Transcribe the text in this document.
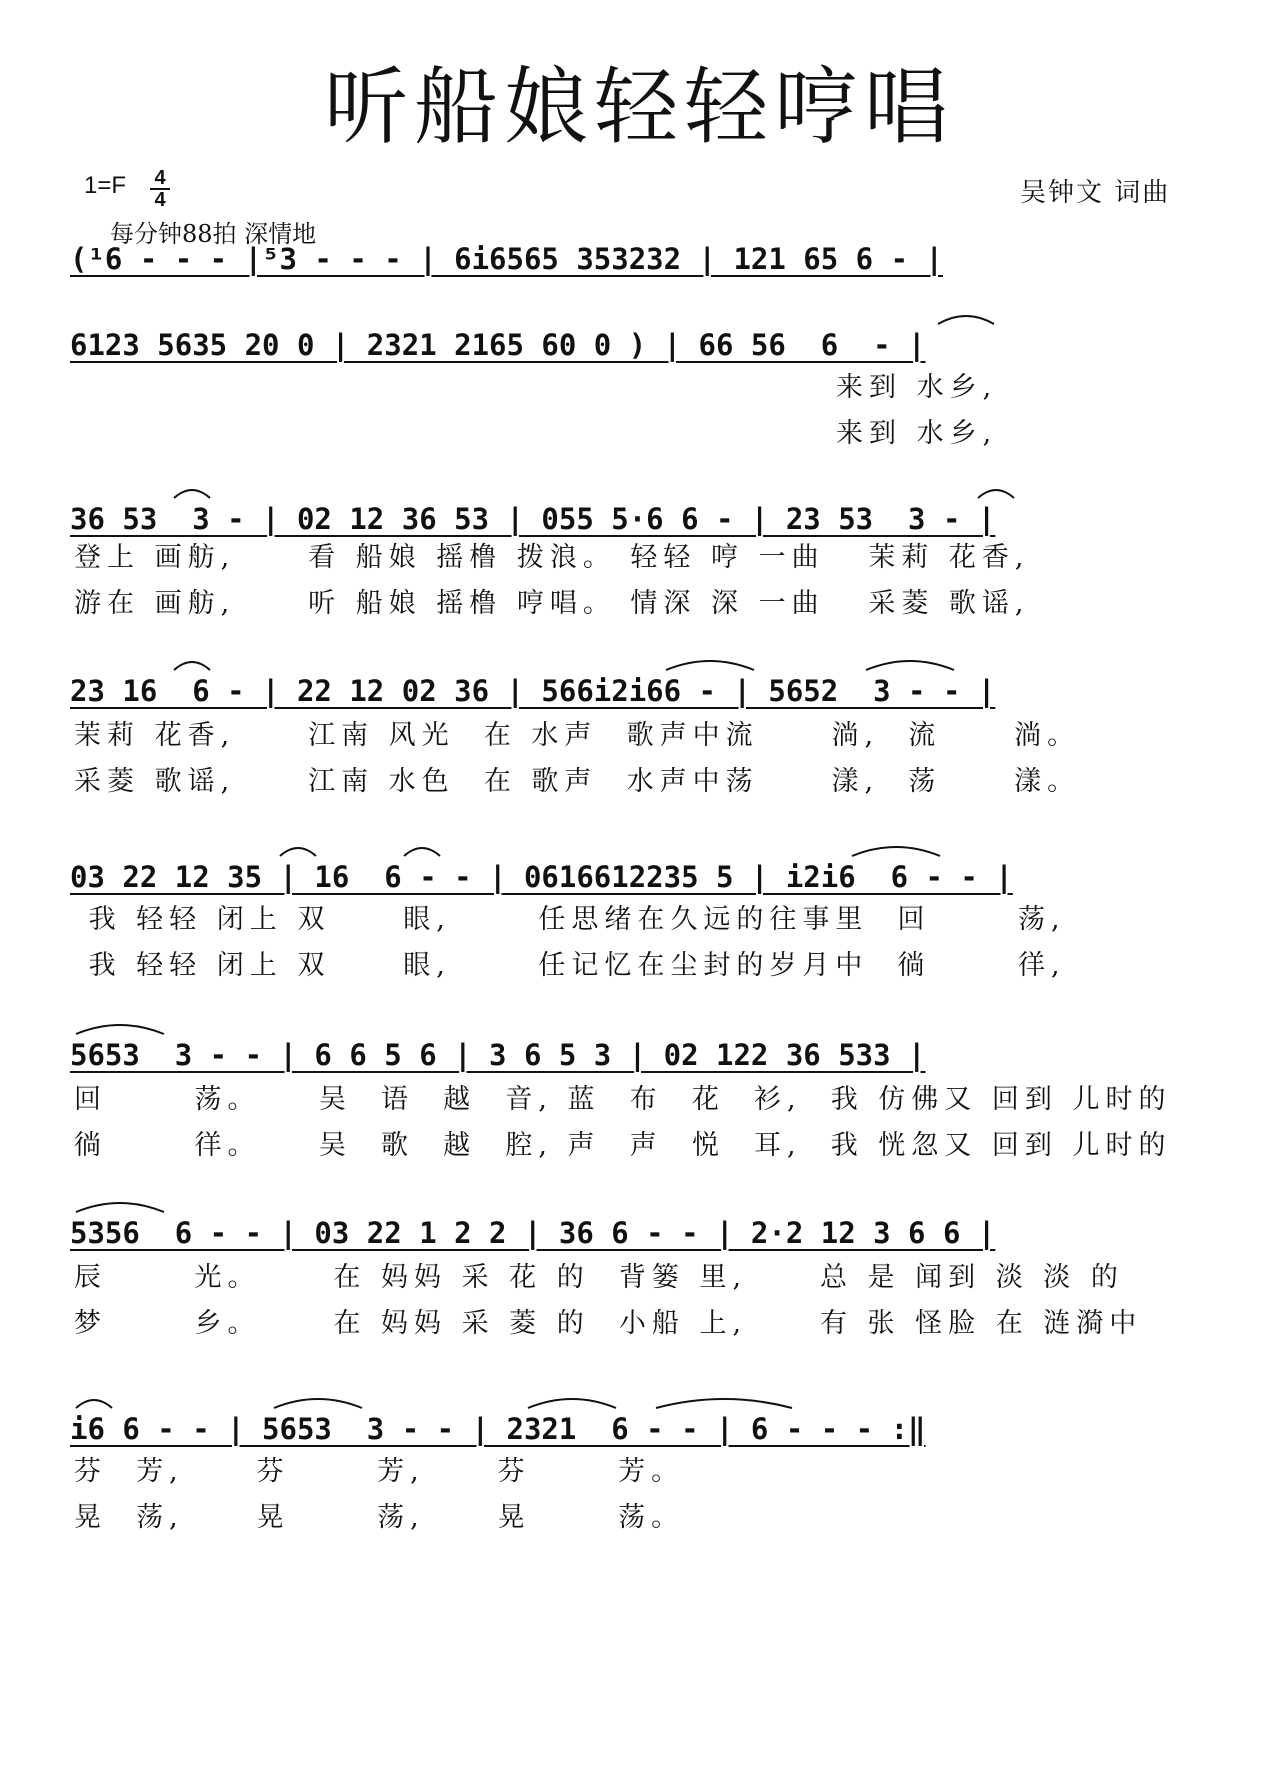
听船娘轻轻哼唱
1=F 4
4
每分钟88拍 深情地
吴钟文 词曲
(¹6 - - - |⁵3 - - - | 6i6565 353232 | 121 65 6 - |
6123 5635 20 0 | 2321 2165 60 0 ) | 66 56  6  - |
来到 水乡,
来到 水乡,
36 53  3 - | 02 12 36 53 | 055 5·6 6 - | 23 53  3 - |
登上 画舫,     看 船娘 摇橹 拨浪。 轻轻 哼 一曲   茉莉 花香,
游在 画舫,     听 船娘 摇橹 哼唱。 情深 深 一曲   采菱 歌谣,
23 16  6 - | 22 12 02 36 | 566i2i66 - | 5652  3 - - |
茉莉 花香,     江南 风光  在 水声  歌声中流     淌,  流     淌。
采菱 歌谣,     江南 水色  在 歌声  水声中荡     漾,  荡     漾。
03 22 12 35 | 16  6 - - | 0616612235 5 | i2i6  6 - - |
我 轻轻 闭上 双     眼,      任思绪在久远的往事里  回      荡,
我 轻轻 闭上 双     眼,      任记忆在尘封的岁月中  徜      徉,
5653  3 - - | 6 6 5 6 | 3 6 5 3 | 02 122 36 533 |
回      荡。    吴  语  越  音, 蓝  布  花  衫,  我 仿佛又 回到 儿时的
徜      徉。    吴  歌  越  腔, 声  声  悦  耳,  我 恍忽又 回到 儿时的
5356  6 - - | 03 22 1 2 2 | 36 6 - - | 2·2 12 3 6 6 |
辰      光。     在 妈妈 采 花 的  背篓 里,     总 是 闻到 淡 淡 的
梦      乡。     在 妈妈 采 菱 的  小船 上,     有 张 怪脸 在 涟漪中
i6 6 - - | 5653  3 - - | 2321  6 - - | 6 - - - :‖
芬  芳,     芬      芳,     芬      芳。
晃  荡,     晃      荡,     晃      荡。
